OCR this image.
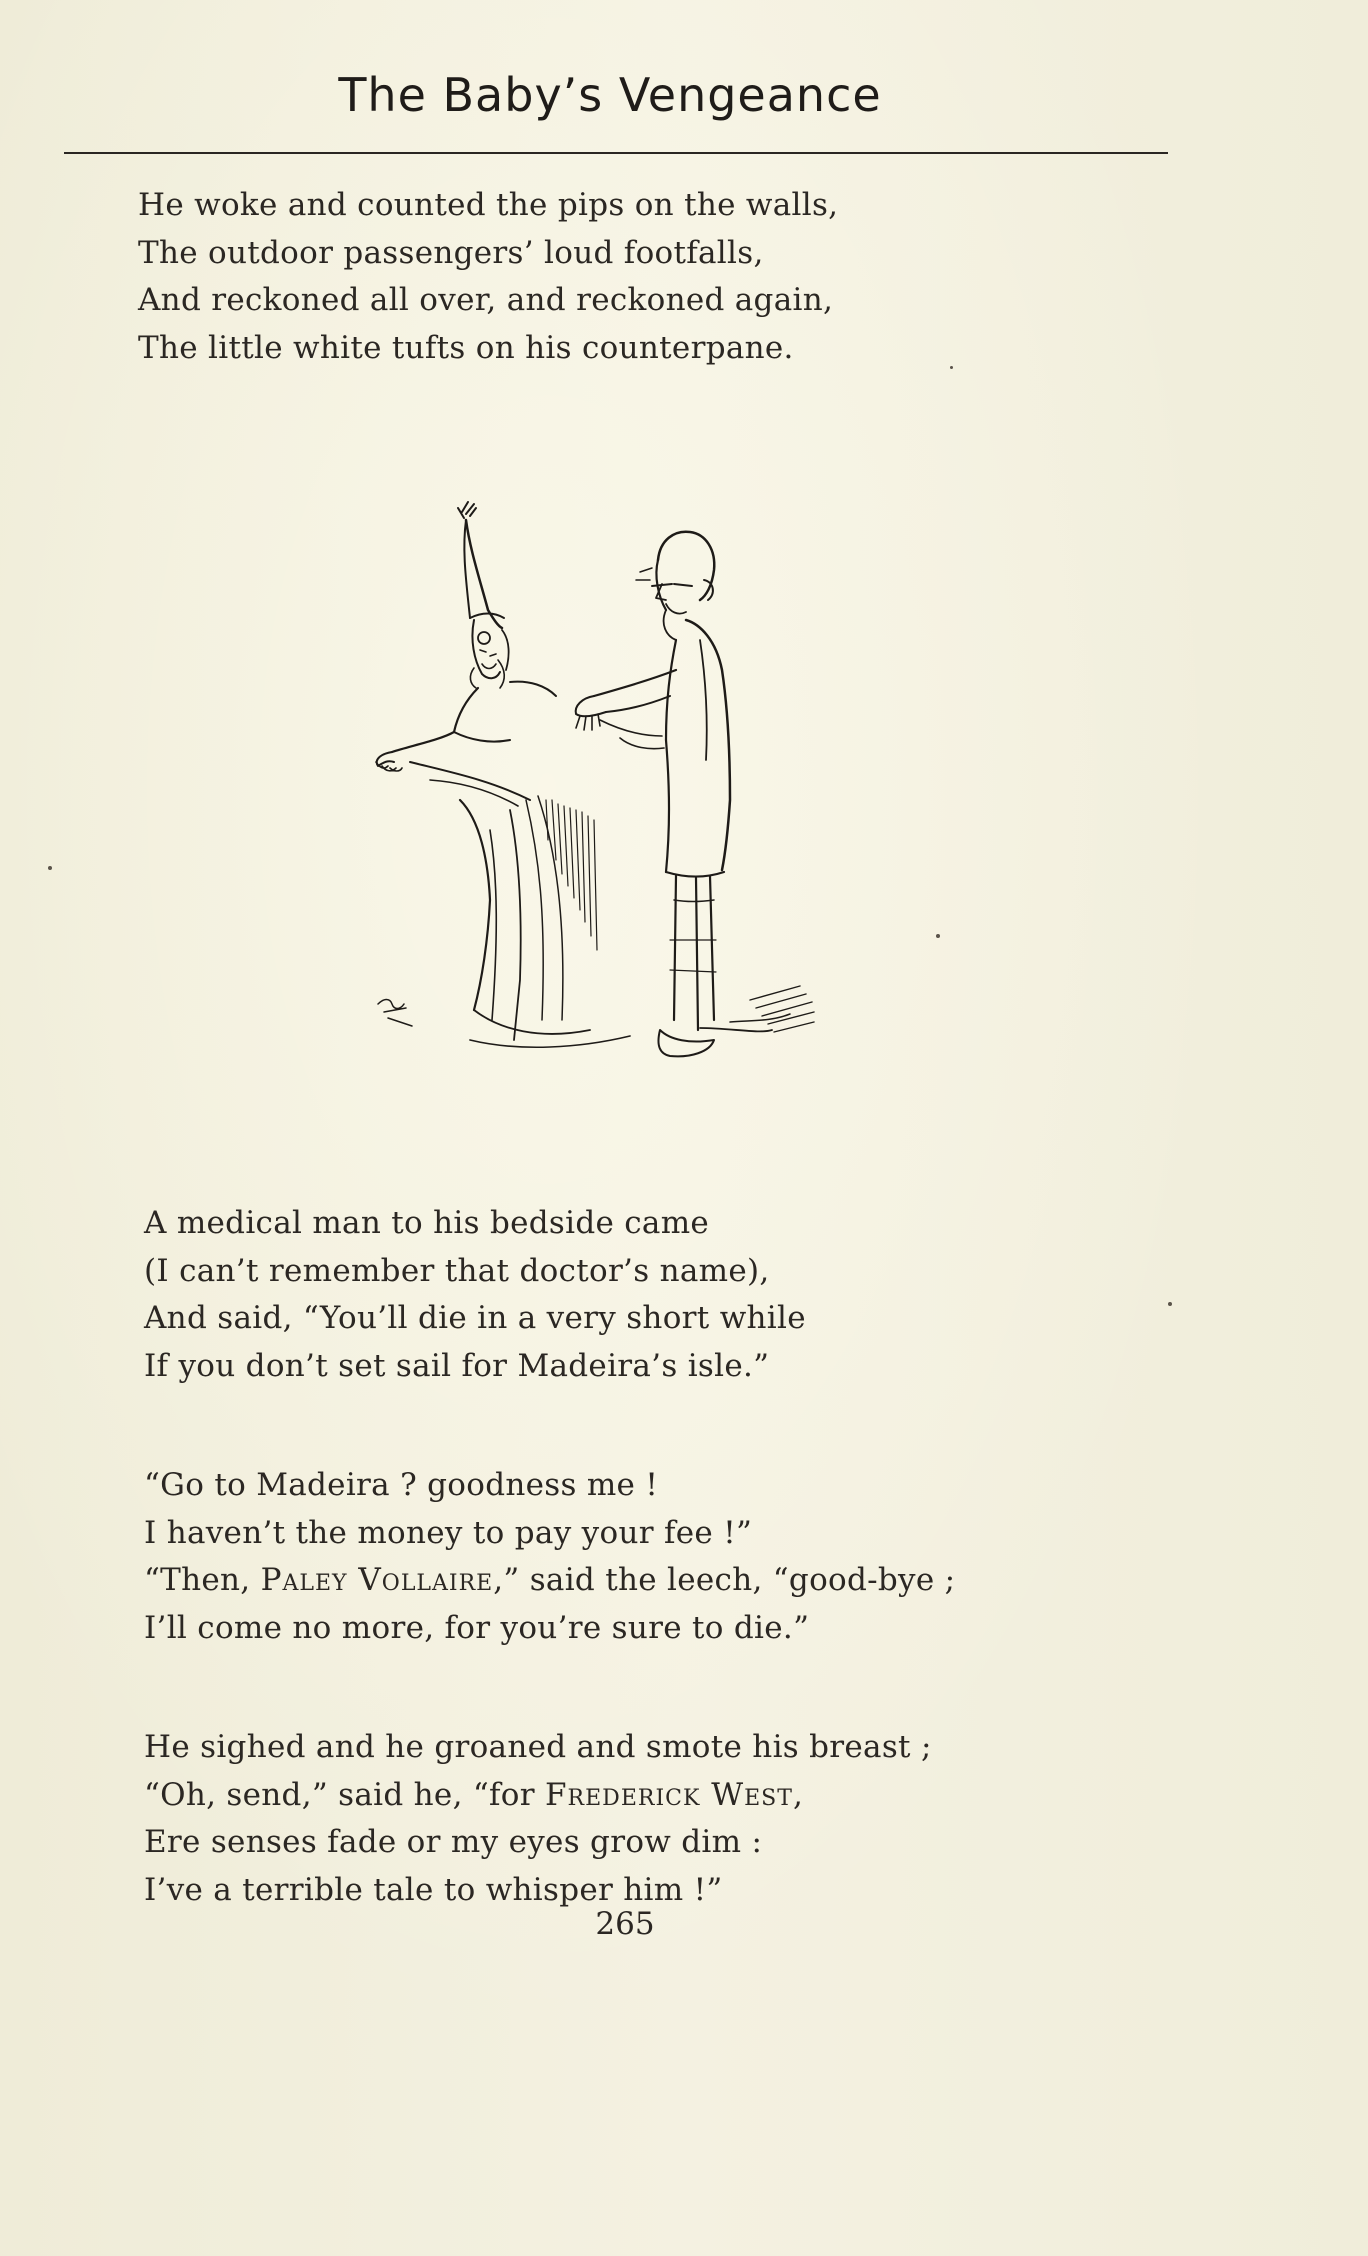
The Baby’s Vengeance
He woke and counted the pips on the walls,
The outdoor passengers’ loud footfalls,
And reckoned all over, and reckoned again,
The little white tufts on his counterpane.
A medical man to his bedside came
(I can’t remember that doctor’s name),
And said, “You’ll die in a very short while
If you don’t set sail for Madeira’s isle.”
“Go to Madeira ? goodness me !
I haven’t the money to pay your fee !”
“Then, Paley Vollaire,” said the leech, “good-bye ;
I’ll come no more, for you’re sure to die.”
He sighed and he groaned and smote his breast ;
“Oh, send,” said he, “for Frederick West,
Ere senses fade or my eyes grow dim :
I’ve a terrible tale to whisper him !”
265
